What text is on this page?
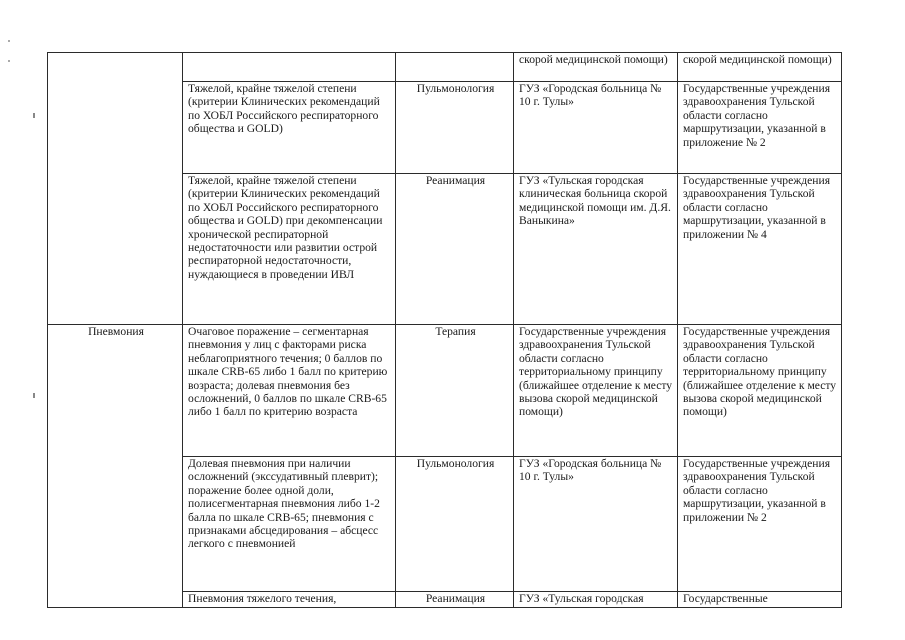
			скорой медицинской помощи)	скорой медицинской помощи)
	Тяжелой, крайне тяжелой степени (критерии Клинических рекомендаций по ХОБЛ Российского респираторного общества и GOLD)	Пульмонология	ГУЗ «Городская больница № 10 г. Тулы»	Государственные учреждения здравоохранения Тульской области согласно маршрутизации, указанной в приложение № 2
	Тяжелой, крайне тяжелой степени (критерии Клинических рекомендаций по ХОБЛ Российского респираторного общества и GOLD) при декомпенсации хронической респираторной недостаточности или развитии острой респираторной недостаточности, нуждающиеся в проведении ИВЛ	Реанимация	ГУЗ «Тульская городская клиническая больница скорой медицинской помощи им. Д.Я. Ваныкина»	Государственные учреждения здравоохранения Тульской области согласно маршрутизации, указанной в приложении № 4
Пневмония	Очаговое поражение – сегментарная пневмония у лиц с факторами риска неблагоприятного течения; 0 баллов по шкале CRB-65 либо 1 балл по критерию возраста; долевая пневмония без осложнений, 0 баллов по шкале CRB-65 либо 1 балл по критерию возраста	Терапия	Государственные учреждения здравоохранения Тульской области согласно территориальному принципу (ближайшее отделение к месту вызова скорой медицинской помощи)	Государственные учреждения здравоохранения Тульской области согласно территориальному принципу (ближайшее отделение к месту вызова скорой медицинской помощи)
	Долевая пневмония при наличии осложнений (экссудативный плеврит); поражение более одной доли, полисегментарная пневмония либо 1-2 балла по шкале CRB-65; пневмония с признаками абсцедирования – абсцесс легкого с пневмонией	Пульмонология	ГУЗ «Городская больница № 10 г. Тулы»	Государственные учреждения здравоохранения Тульской области согласно маршрутизации, указанной в приложении № 2
	Пневмония тяжелого течения,	Реанимация	ГУЗ «Тульская городская	Государственные
